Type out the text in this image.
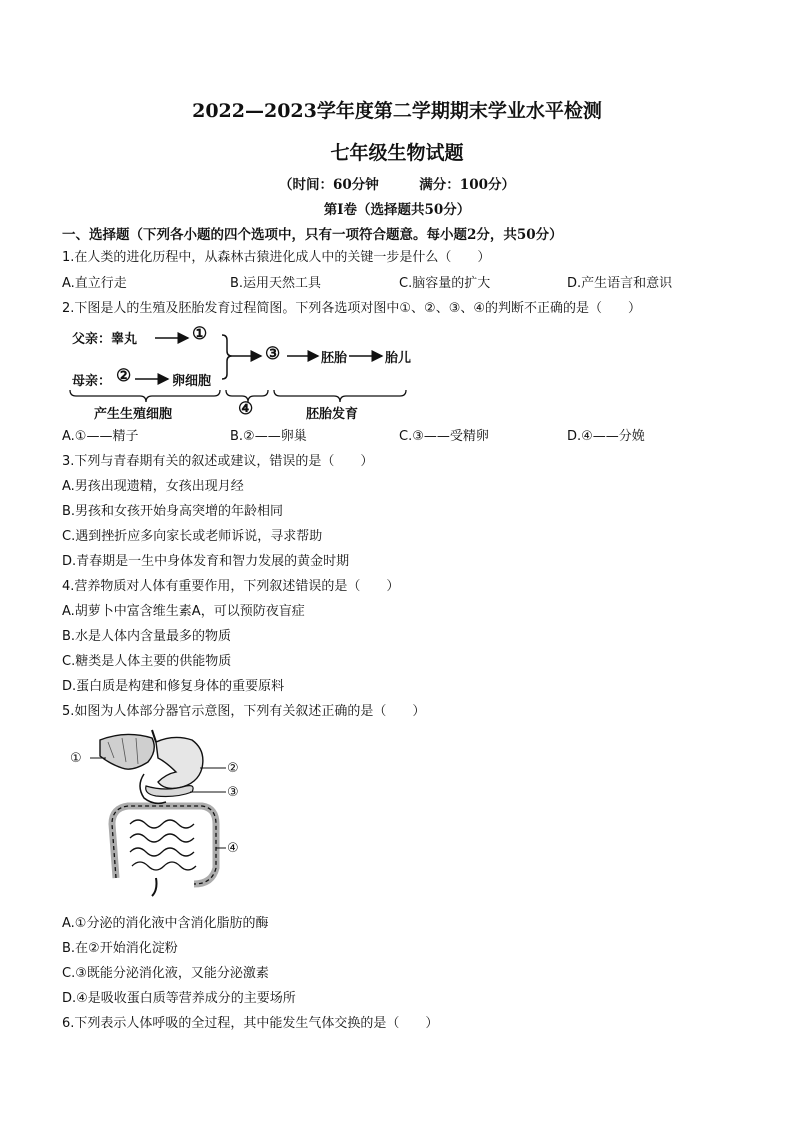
2022—2023学年度第二学期期末学业水平检测
七年级生物试题
（时间：60分钟　　　满分：100分）
第Ⅰ卷（选择题共50分）
一、选择题（下列各小题的四个选项中，只有一项符合题意。每小题2分，共50分）
1.在人类的进化历程中，从森林古猿进化成人中的关键一步是什么（　　）
A.直立行走	B.运用天然工具	C.脑容量的扩大	D.产生语言和意识
2.下图是人的生殖及胚胎发育过程简图。下列各选项对图中①、②、③、④的判断不正确的是（　　）
父亲：睾丸	①
母亲： ②	卵细胞
③	胚胎	胎儿
产生生殖细胞	④	胚胎发育
A.①——精子	B.②——卵巢	C.③——受精卵	D.④——分娩
3.下列与青春期有关的叙述或建议，错误的是（　　）
A.男孩出现遗精，女孩出现月经
B.男孩和女孩开始身高突增的年龄相同
C.遇到挫折应多向家长或老师诉说，寻求帮助
D.青春期是一生中身体发育和智力发展的黄金时期
4.营养物质对人体有重要作用，下列叙述错误的是（　　）
A.胡萝卜中富含维生素A，可以预防夜盲症
B.水是人体内含量最多的物质
C.糖类是人体主要的供能物质
D.蛋白质是构建和修复身体的重要原料
5.如图为人体部分器官示意图，下列有关叙述正确的是（　　）
①
②
③
④
A.①分泌的消化液中含消化脂肪的酶
B.在②开始消化淀粉
C.③既能分泌消化液，又能分泌激素
D.④是吸收蛋白质等营养成分的主要场所
6.下列表示人体呼吸的全过程，其中能发生气体交换的是（　　）
